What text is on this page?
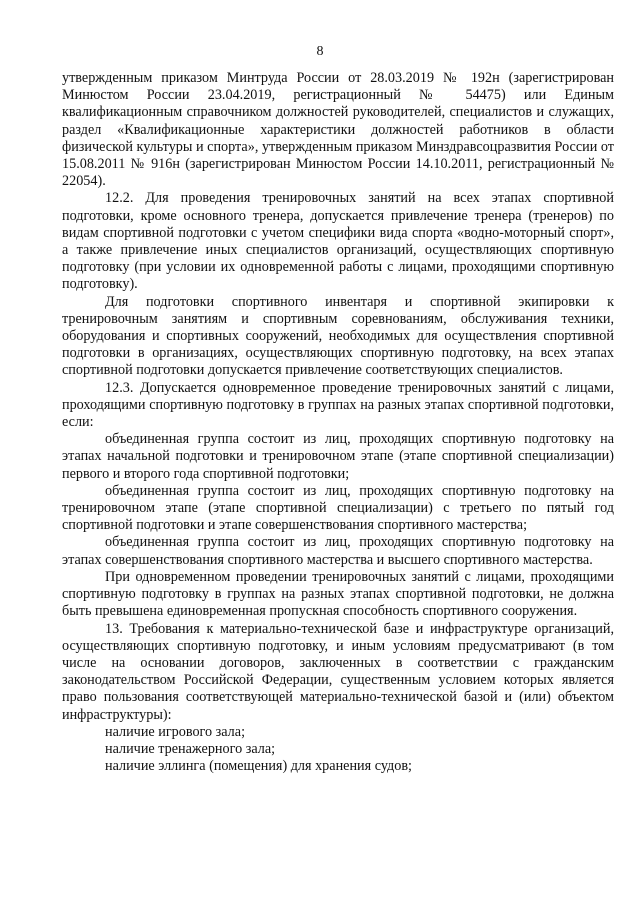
8

утвержденным приказом Минтруда России от 28.03.2019 № 192н (зарегистрирован Минюстом России 23.04.2019, регистрационный № 54475) или Единым квалификационным справочником должностей руководителей, специалистов и служащих, раздел «Квалификационные характеристики должностей работников в области физической культуры и спорта», утвержденным приказом Минздравсоцразвития России от 15.08.2011 № 916н (зарегистрирован Минюстом России 14.10.2011, регистрационный № 22054).

12.2. Для проведения тренировочных занятий на всех этапах спортивной подготовки, кроме основного тренера, допускается привлечение тренера (тренеров) по видам спортивной подготовки с учетом специфики вида спорта «водно-моторный спорт», а также привлечение иных специалистов организаций, осуществляющих спортивную подготовку (при условии их одновременной работы с лицами, проходящими спортивную подготовку).

Для подготовки спортивного инвентаря и спортивной экипировки к тренировочным занятиям и спортивным соревнованиям, обслуживания техники, оборудования и спортивных сооружений, необходимых для осуществления спортивной подготовки в организациях, осуществляющих спортивную подготовку, на всех этапах спортивной подготовки допускается привлечение соответствующих специалистов.

12.3. Допускается одновременное проведение тренировочных занятий с лицами, проходящими спортивную подготовку в группах на разных этапах спортивной подготовки, если:

объединенная группа состоит из лиц, проходящих спортивную подготовку на этапах начальной подготовки и тренировочном этапе (этапе спортивной специализации) первого и второго года спортивной подготовки;

объединенная группа состоит из лиц, проходящих спортивную подготовку на тренировочном этапе (этапе спортивной специализации) с третьего по пятый год спортивной подготовки и этапе совершенствования спортивного мастерства;

объединенная группа состоит из лиц, проходящих спортивную подготовку на этапах совершенствования спортивного мастерства и высшего спортивного мастерства.

При одновременном проведении тренировочных занятий с лицами, проходящими спортивную подготовку в группах на разных этапах спортивной подготовки, не должна быть превышена единовременная пропускная способность спортивного сооружения.

13. Требования к материально-технической базе и инфраструктуре организаций, осуществляющих спортивную подготовку, и иным условиям предусматривают (в том числе на основании договоров, заключенных в соответствии с гражданским законодательством Российской Федерации, существенным условием которых является право пользования соответствующей материально-технической базой и (или) объектом инфраструктуры):

наличие игрового зала;

наличие тренажерного зала;

наличие эллинга (помещения) для хранения судов;
